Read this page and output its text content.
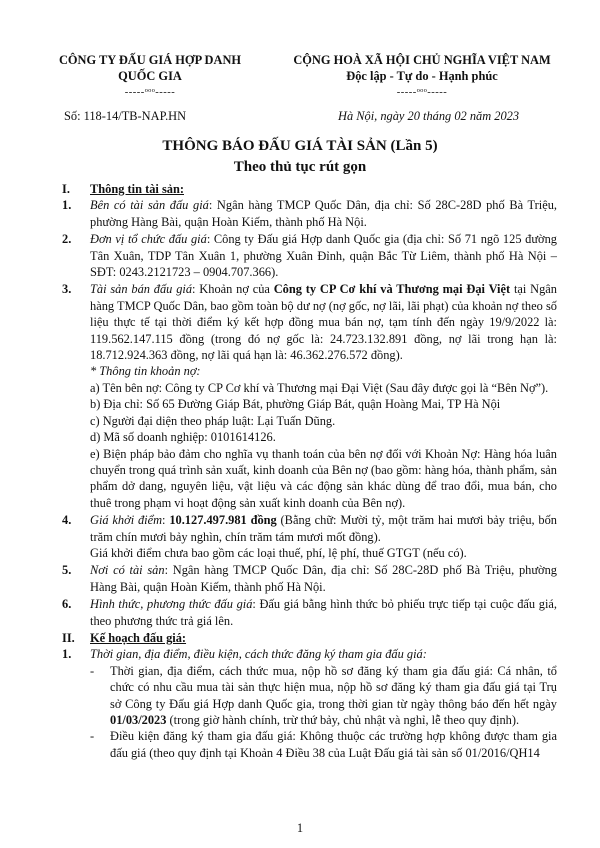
CÔNG TY ĐẤU GIÁ HỢP DANH
QUỐC GIA
-----ᵒᵒᵒ-----
CỘNG HOÀ XÃ HỘI CHỦ NGHĨA VIỆT NAM
Độc lập - Tự do - Hạnh phúc
-----ᵒᵒᵒ-----
Số: 118-14/TB-NAP.HN	Hà Nội, ngày 20 tháng 02 năm 2023
THÔNG BÁO ĐẤU GIÁ TÀI SẢN (Lần 5)
Theo thủ tục rút gọn
I. Thông tin tài sản:
1. Bên có tài sản đấu giá: Ngân hàng TMCP Quốc Dân, địa chỉ: Số 28C-28D phố Bà Triệu, phường Hàng Bài, quận Hoàn Kiếm, thành phố Hà Nội.
2. Đơn vị tổ chức đấu giá: Công ty Đấu giá Hợp danh Quốc gia (địa chỉ: Số 71 ngõ 125 đường Tân Xuân, TDP Tân Xuân 1, phường Xuân Đỉnh, quận Bắc Từ Liêm, thành phố Hà Nội – SĐT: 0243.2121723 – 0904.707.366).
3. Tài sản bán đấu giá: Khoản nợ của Công ty CP Cơ khí và Thương mại Đại Việt tại Ngân hàng TMCP Quốc Dân, bao gồm toàn bộ dư nợ (nợ gốc, nợ lãi, lãi phạt) của khoản nợ theo số liệu thực tế tại thời điểm ký kết hợp đồng mua bán nợ, tạm tính đến ngày 19/9/2022 là: 119.562.147.115 đồng (trong đó nợ gốc là: 24.723.132.891 đồng, nợ lãi trong hạn là: 18.712.924.363 đồng, nợ lãi quá hạn là: 46.362.276.572 đồng).

* Thông tin khoản nợ:

a) Tên bên nợ: Công ty CP Cơ khí và Thương mại Đại Việt (Sau đây được gọi là “Bên Nợ”).

b) Địa chỉ: Số 65 Đường Giáp Bát, phường Giáp Bát, quận Hoàng Mai, TP Hà Nội

c) Người đại diện theo pháp luật: Lại Tuấn Dũng.

d) Mã số doanh nghiệp: 0101614126.

e) Biện pháp bảo đảm cho nghĩa vụ thanh toán của bên nợ đối với Khoản Nợ: Hàng hóa luân chuyển trong quá trình sản xuất, kinh doanh của Bên nợ (bao gồm: hàng hóa, thành phẩm, sản phẩm dở dang, nguyên liệu, vật liệu và các động sản khác dùng để trao đổi, mua bán, cho thuê trong phạm vi hoạt động sản xuất kinh doanh của Bên nợ).

4. Giá khởi điểm: 10.127.497.981 đồng (Bằng chữ: Mười tỷ, một trăm hai mươi bảy triệu, bốn trăm chín mươi bảy nghìn, chín trăm tám mươi mốt đồng).

Giá khởi điểm chưa bao gồm các loại thuế, phí, lệ phí, thuế GTGT (nếu có).

5. Nơi có tài sản: Ngân hàng TMCP Quốc Dân, địa chỉ: Số 28C-28D phố Bà Triệu, phường Hàng Bài, quận Hoàn Kiếm, thành phố Hà Nội.
6. Hình thức, phương thức đấu giá: Đấu giá bằng hình thức bỏ phiếu trực tiếp tại cuộc đấu giá, theo phương thức trả giá lên.
II. Kế hoạch đấu giá:
1. Thời gian, địa điểm, điều kiện, cách thức đăng ký tham gia đấu giá:
- Thời gian, địa điểm, cách thức mua, nộp hồ sơ đăng ký tham gia đấu giá: Cá nhân, tổ chức có nhu cầu mua tài sản thực hiện mua, nộp hồ sơ đăng ký tham gia đấu giá tại Trụ sở Công ty Đấu giá Hợp danh Quốc gia, trong thời gian từ ngày thông báo đến hết ngày 01/03/2023 (trong giờ hành chính, trừ thứ bảy, chủ nhật và nghỉ, lễ theo quy định).
- Điều kiện đăng ký tham gia đấu giá: Không thuộc các trường hợp không được tham gia đấu giá (theo quy định tại Khoản 4 Điều 38 của Luật Đấu giá tài sản số 01/2016/QH14
1
